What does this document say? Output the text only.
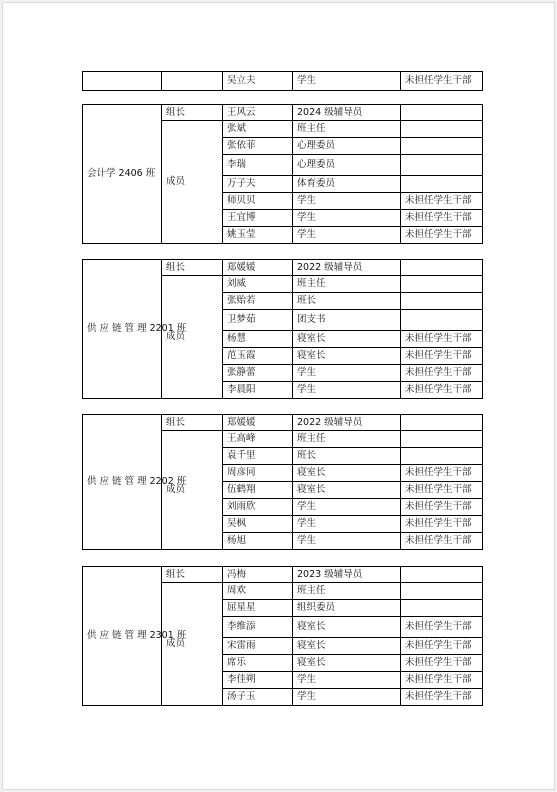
		吴立夫	学生	未担任学生干部
会计学 2406 班	组长	王风云	2024 级辅导员	
	成员	张斌	班主任	
		张依菲	心理委员	
		李瑞	心理委员	
		万子夫	体育委员	
		师贝贝	学生	未担任学生干部
		王宜博	学生	未担任学生干部
		姚玉莹	学生	未担任学生干部
供 应 链 管 理 2201 班	组长	郑媛媛	2022 级辅导员	
	成员	刘威	班主任	
		张贻若	班长	
		卫梦茹	团支书	
		杨慧	寝室长	未担任学生干部
		范玉霞	寝室长	未担任学生干部
		张静蕾	学生	未担任学生干部
		李晨阳	学生	未担任学生干部
供 应 链 管 理 2202 班	组长	郑媛媛	2022 级辅导员	
	成员	王高峰	班主任	
		袁千里	班长	
		周彦同	寝室长	未担任学生干部
		伍鹤翔	寝室长	未担任学生干部
		刘雨欣	学生	未担任学生干部
		吴枫	学生	未担任学生干部
		杨旭	学生	未担任学生干部
供 应 链 管 理 2301 班	组长	冯梅	2023 级辅导员	
	成员	周欢	班主任	
		屈星星	组织委员	
		李维添	寝室长	未担任学生干部
		宋雷雨	寝室长	未担任学生干部
		席乐	寝室长	未担任学生干部
		李佳朔	学生	未担任学生干部
		汤子玉	学生	未担任学生干部
